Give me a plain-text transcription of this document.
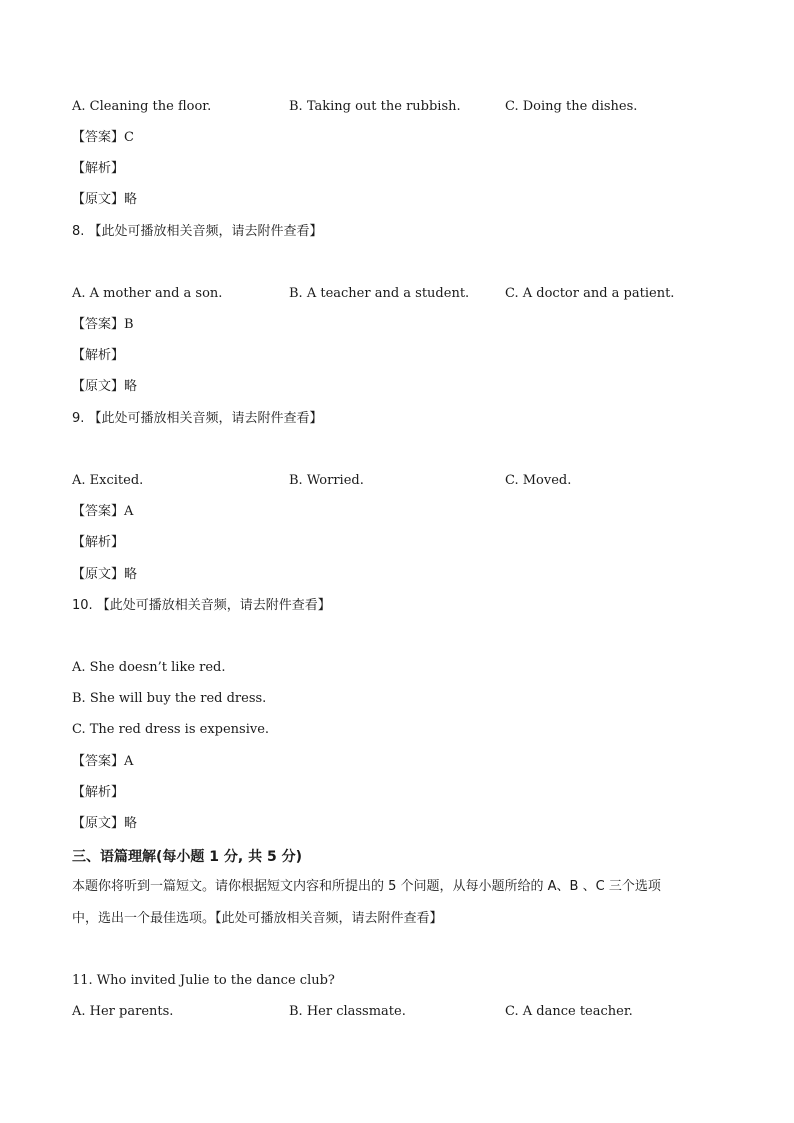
A. Cleaning the floor.	B. Taking out the rubbish.	C. Doing the dishes.
【答案】C
【解析】
【原文】略
8. 【此处可播放相关音频，请去附件查看】
A. A mother and a son.	B. A teacher and a student.	C. A doctor and a patient.
【答案】B
【解析】
【原文】略
9. 【此处可播放相关音频，请去附件查看】
A. Excited.	B. Worried.	C. Moved.
【答案】A
【解析】
【原文】略
10. 【此处可播放相关音频，请去附件查看】
A. She doesn’t like red.
B. She will buy the red dress.
C. The red dress is expensive.
【答案】A
【解析】
【原文】略
三、语篇理解(每小题 1 分, 共 5 分)
本题你将听到一篇短文。请你根据短文内容和所提出的 5 个问题，从每小题所给的 A、B 、C 三个选项
中，选出一个最佳选项。【此处可播放相关音频，请去附件查看】
11. Who invited Julie to the dance club?
A. Her parents.	B. Her classmate.	C. A dance teacher.
